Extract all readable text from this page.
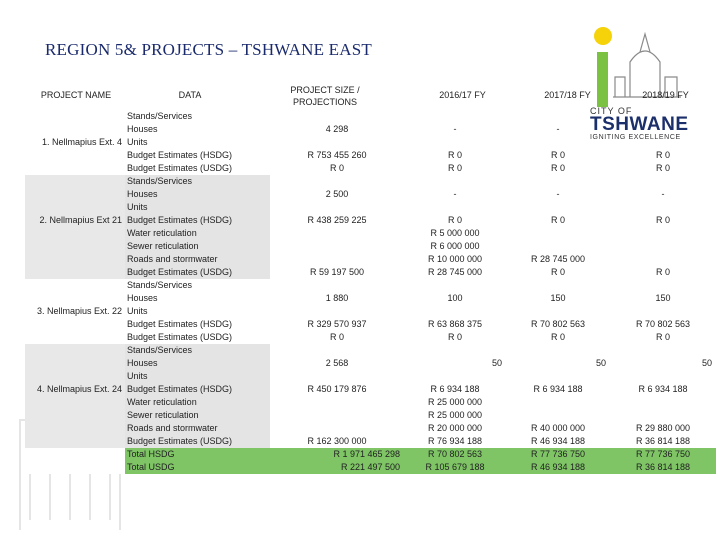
REGION 5& PROJECTS – TSHWANE EAST
CITY OF
TSHWANE
IGNITING EXCELLENCE
PROJECT NAME	DATA	PROJECT SIZE / PROJECTIONS
2016/17 FY	2017/18 FY	2018/19 FY
	Stands/Services				
	Houses	4 298	-	-	
1. Nellmapius Ext. 4	Units				
	Budget Estimates (HSDG)	R 753 455 260	R 0	R 0	R 0
	Budget Estimates (USDG)	R 0	R 0	R 0	R 0
	Stands/Services				
	Houses	2 500	-	-	-
	Units				
2. Nellmapius Ext 21	Budget Estimates (HSDG)	R 438 259 225	R 0	R 0	R 0
	Water reticulation		R 5 000 000		
	Sewer reticulation		R 6 000 000		
	Roads and stormwater		R 10 000 000	R 28 745 000	
	Budget Estimates (USDG)	R 59 197 500	R 28 745 000	R 0	R 0
	Stands/Services				
	Houses	1 880	100	150	150
3. Nellmapius Ext. 22	Units				
	Budget Estimates (HSDG)	R 329 570 937	R 63 868 375	R 70 802 563	R 70 802 563
	Budget Estimates (USDG)	R 0	R 0	R 0	R 0
	Stands/Services				
	Houses	2 568	50	50	50
	Units				
4. Nellmapius Ext. 24	Budget Estimates (HSDG)	R 450 179 876	R 6 934 188	R 6 934 188	R 6 934 188
	Water reticulation		R 25 000 000		
	Sewer reticulation		R 25 000 000		
	Roads and stormwater		R 20 000 000	R 40 000 000	R 29 880 000
	Budget Estimates (USDG)	R 162 300 000	R 76 934 188	R 46 934 188	R 36 814 188
	Total HSDG	R 1 971 465 298	R 70 802 563	R 77 736 750	R 77 736 750
	Total USDG	R 221 497 500	R 105 679 188	R 46 934 188	R 36 814 188
